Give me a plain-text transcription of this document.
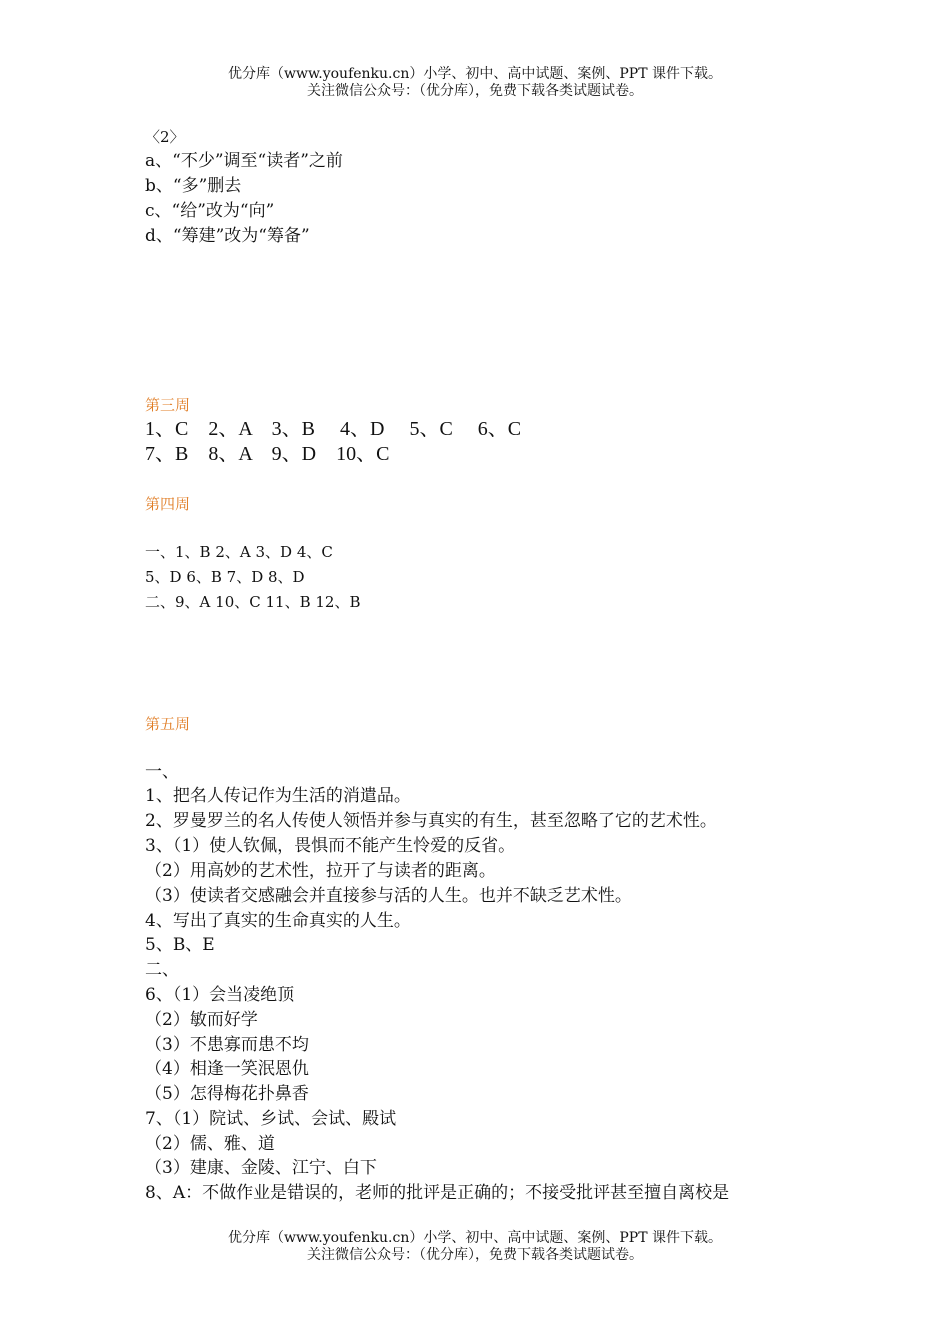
优分库（www.youfenku.cn）小学、初中、高中试题、案例、PPT 课件下载。
关注微信公众号：（优分库），免费下载各类试题试卷。
〈2〉
a、“不少”调至“读者”之前
b、“多”删去
c、“给”改为“向”
d、“筹建”改为“筹备”
第三周
1、C　2、A　3、B　 4、D　 5、C　 6、C
7、B　8、A　9、D　10、C
第四周
一、1、B 2、A 3、D 4、C
5、D 6、B 7、D 8、D
二、9、A 10、C 11、B 12、B
第五周
一、
1、把名人传记作为生活的消遣品。
2、罗曼罗兰的名人传使人领悟并参与真实的有生，甚至忽略了它的艺术性。
3、（1）使人钦佩，畏惧而不能产生怜爱的反省。
（2）用高妙的艺术性，拉开了与读者的距离。
（3）使读者交感融会并直接参与活的人生。也并不缺乏艺术性。
4、写出了真实的生命真实的人生。
5、B、E
二、
6、（1）会当凌绝顶
（2）敏而好学
（3）不患寡而患不均
（4）相逢一笑泯恩仇
（5）怎得梅花扑鼻香
7、（1）院试、乡试、会试、殿试
（2）儒、雅、道
（3）建康、金陵、江宁、白下
8、A：不做作业是错误的，老师的批评是正确的；不接受批评甚至擅自离校是
优分库（www.youfenku.cn）小学、初中、高中试题、案例、PPT 课件下载。
关注微信公众号：（优分库），免费下载各类试题试卷。
